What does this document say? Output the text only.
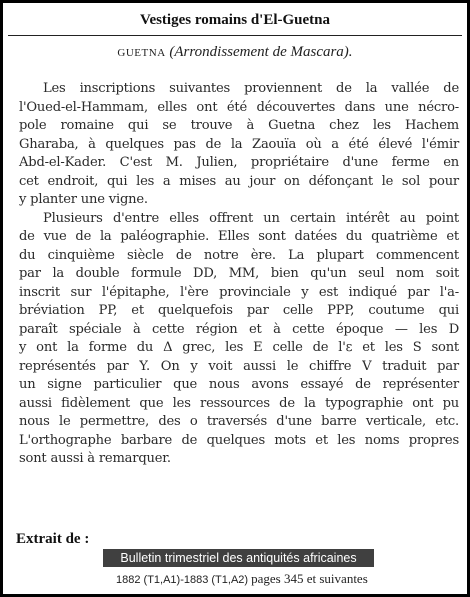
Vestiges romains d'El-Guetna
GUETNA (Arrondissement de Mascara).
Les inscriptions suivantes proviennent de la vallée de
l'Oued-el-Hammam, elles ont été découvertes dans une nécro-
pole romaine qui se trouve à Guetna chez les Hachem
Gharaba, à quelques pas de la Zaouïa où a été élevé l'émir
Abd-el-Kader. C'est M. Julien, propriétaire d'une ferme en
cet endroit, qui les a mises au jour on défonçant le sol pour
y planter une vigne.
Plusieurs d'entre elles offrent un certain intérêt au point
de vue de la paléographie. Elles sont datées du quatrième et
du cinquième siècle de notre ère. La plupart commencent
par la double formule DD, MM, bien qu'un seul nom soit
inscrit sur l'épitaphe, l'ère provinciale y est indiqué par l'a-
bréviation PP, et quelquefois par celle PPP, coutume qui
paraît spéciale à cette région et à cette époque — les D
y ont la forme du Δ grec, les E celle de l'ε et les S sont
représentés par Y. On y voit aussi le chiffre V traduit par
un signe particulier que nous avons essayé de représenter
aussi fidèlement que les ressources de la typographie ont pu
nous le permettre, des o traversés d'une barre verticale, etc.
L'orthographe barbare de quelques mots et les noms propres
sont aussi à remarquer.
Extrait de :
Bulletin trimestriel des antiquités africaines
1882 (T1,A1)-1883 (T1,A2) pages 345 et suivantes
